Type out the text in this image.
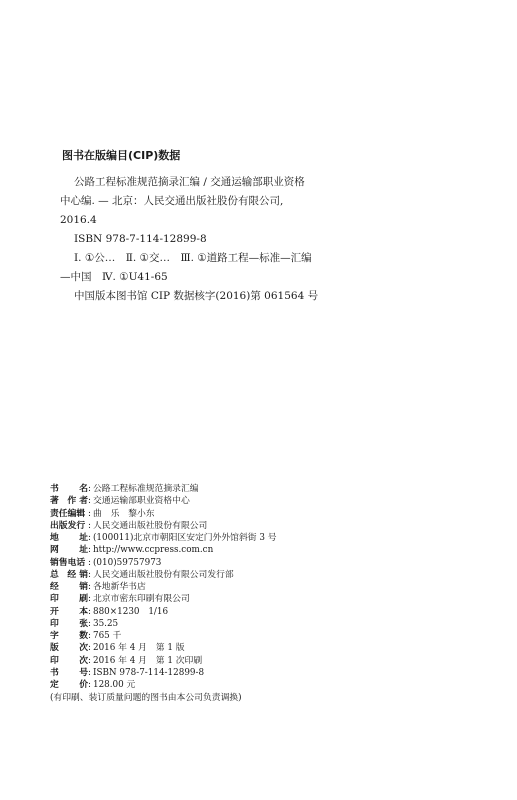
图书在版编目(CIP)数据

公路工程标准规范摘录汇编 / 交通运输部职业资格

中心编. — 北京：人民交通出版社股份有限公司,

2016.4

ISBN 978-7-114-12899-8

Ⅰ. ①公…　Ⅱ. ①交…　Ⅲ. ①道路工程—标准—汇编

—中国　Ⅳ. ①U41-65

中国版本图书馆 CIP 数据核字(2016)第 061564 号

书 名 : 公路工程标准规范摘录汇编
著 作 者 : 交通运输部职业资格中心
责任编辑 : 曲　乐　黎小东
出版发行 : 人民交通出版社股份有限公司
地 址 : (100011)北京市朝阳区安定门外外馆斜街 3 号
网 址 : http://www.ccpress.com.cn
销售电话 : (010)59757973
总 经 销 : 人民交通出版社股份有限公司发行部
经 销 : 各地新华书店
印 刷 : 北京市密东印刷有限公司
开 本 : 880×1230　1/16
印 张 : 35.25
字 数 : 765 千
版 次 : 2016 年 4 月　第 1 版
印 次 : 2016 年 4 月　第 1 次印刷
书 号 : ISBN 978-7-114-12899-8
定 价 : 128.00 元
(有印刷、装订质量问题的图书由本公司负责调换)
